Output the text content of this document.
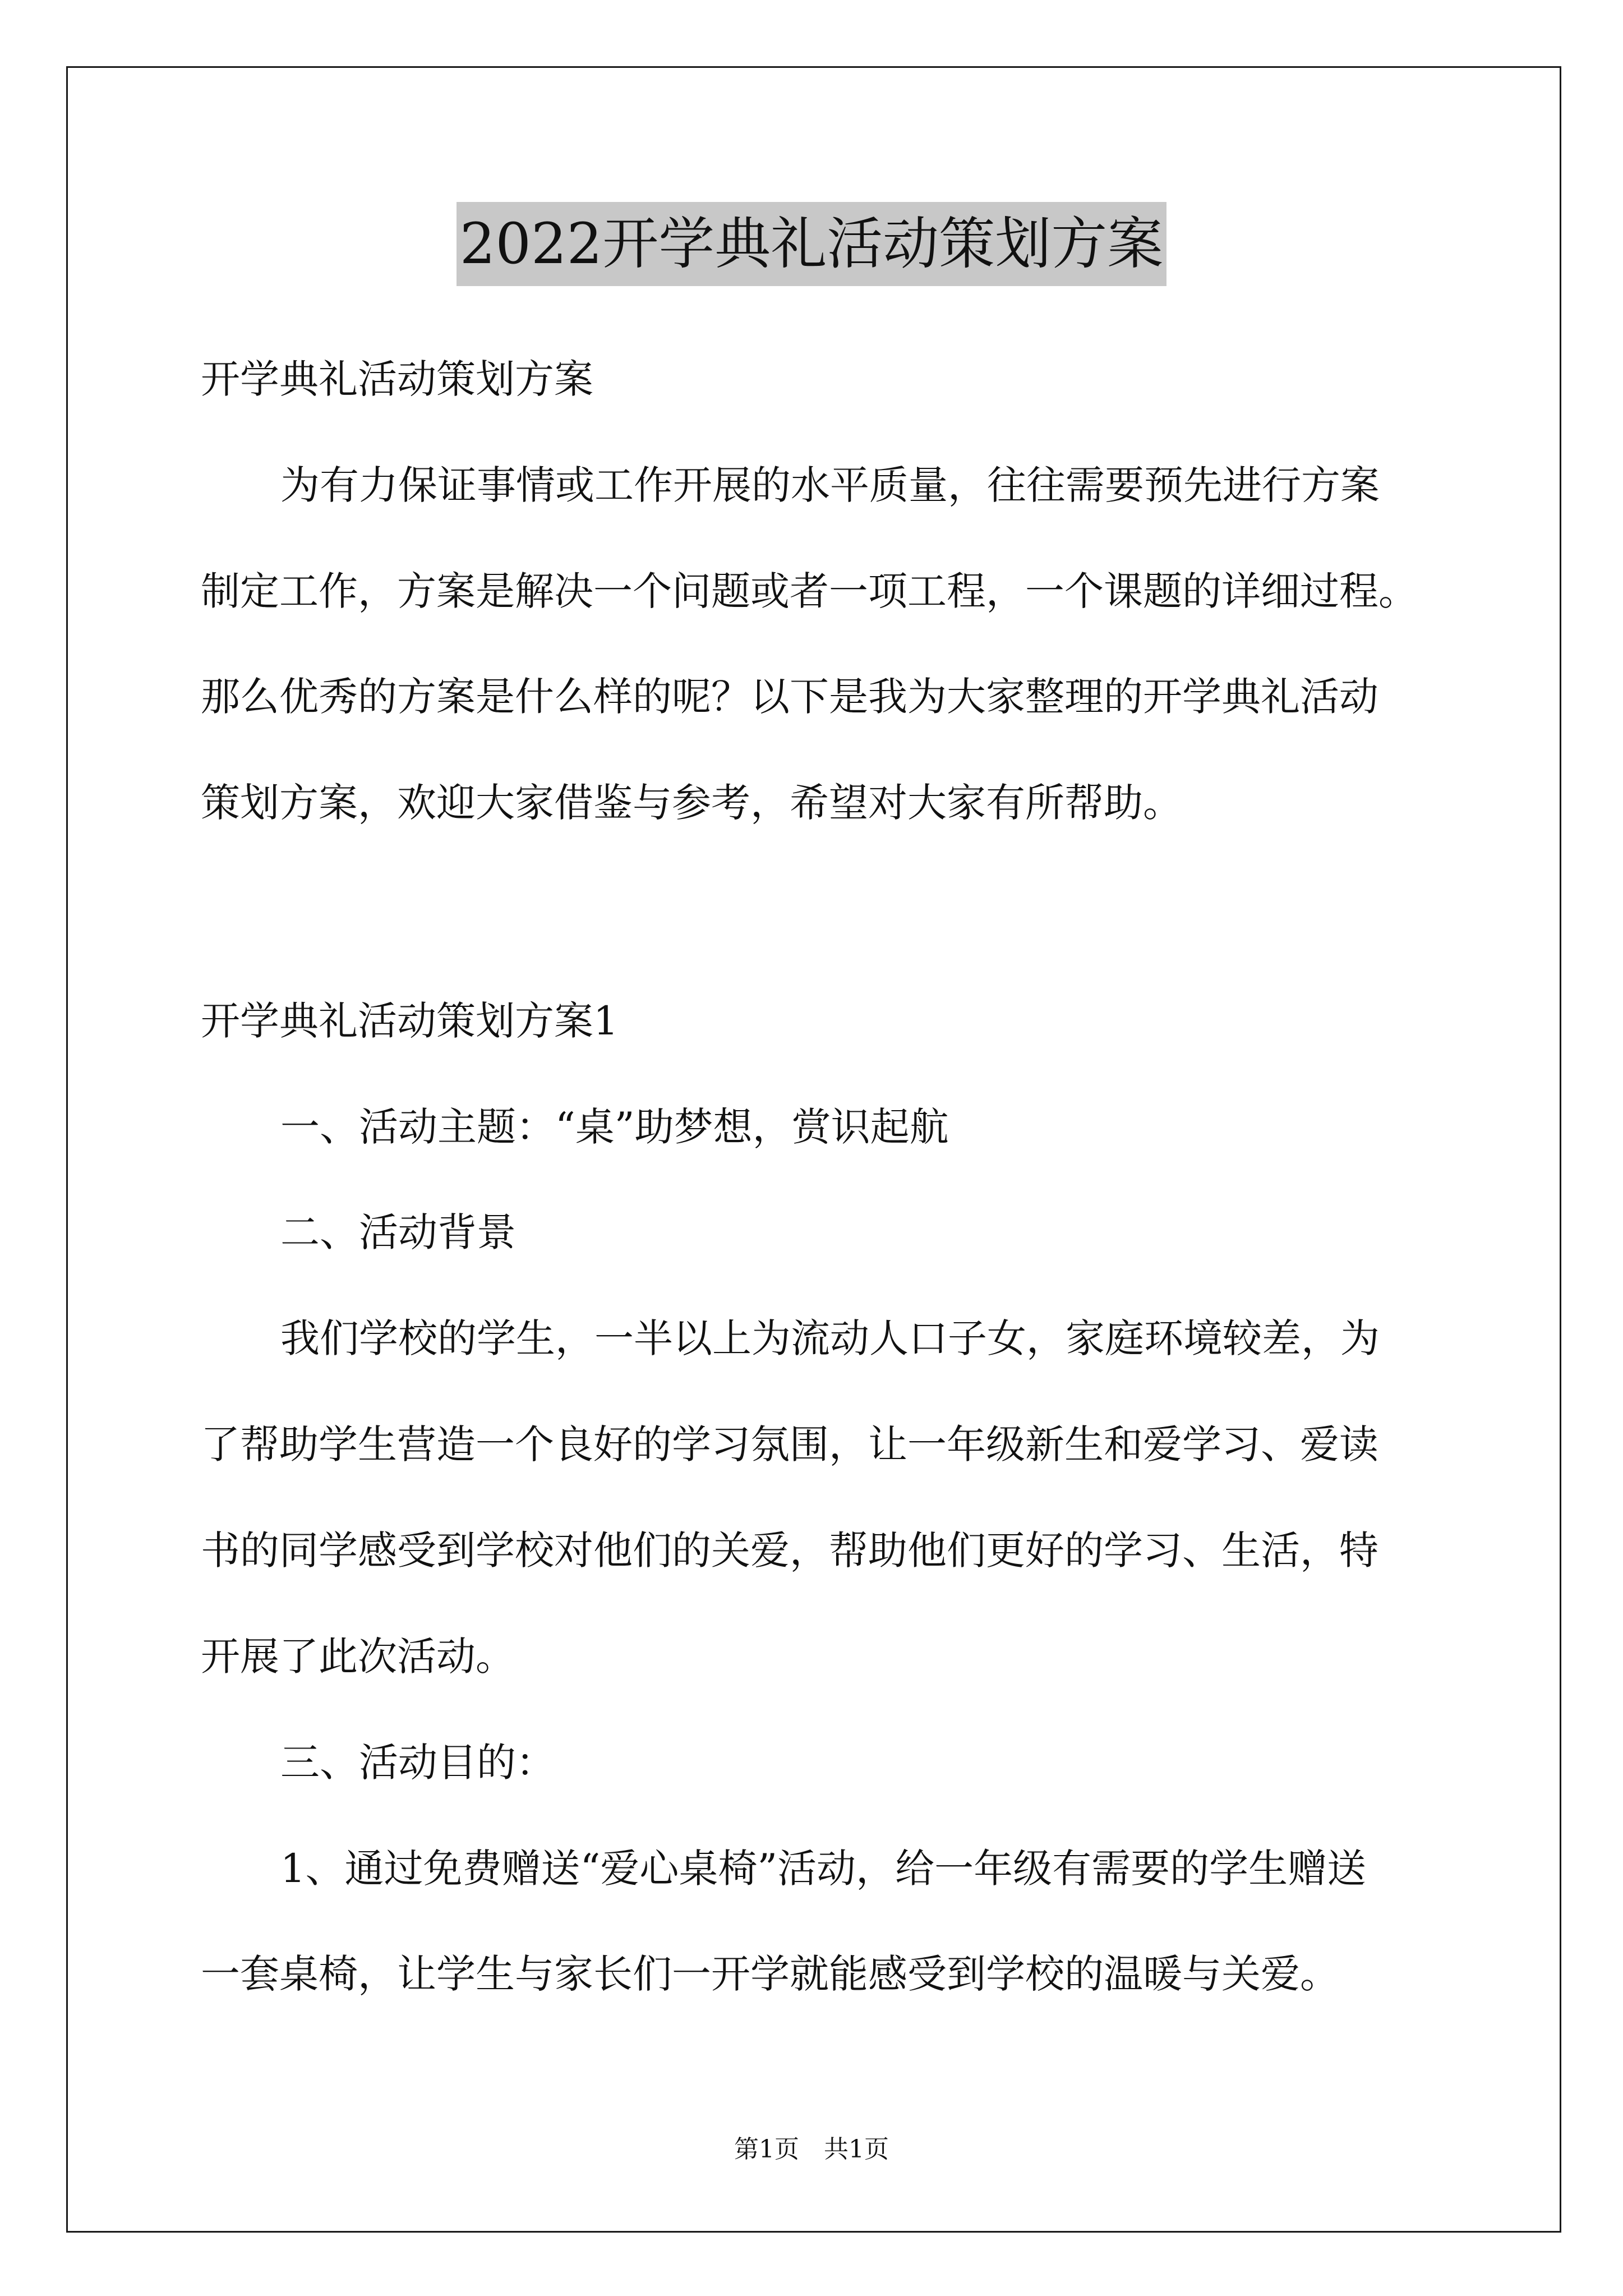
2022开学典礼活动策划方案
开学典礼活动策划方案
为有力保证事情或工作开展的水平质量，往往需要预先进行方案
制定工作，方案是解决一个问题或者一项工程，一个课题的详细过程。
那么优秀的方案是什么样的呢？以下是我为大家整理的开学典礼活动
策划方案，欢迎大家借鉴与参考，希望对大家有所帮助。
开学典礼活动策划方案1
一、活动主题：“桌”助梦想，赏识起航
二、活动背景
我们学校的学生，一半以上为流动人口子女，家庭环境较差，为
了帮助学生营造一个良好的学习氛围，让一年级新生和爱学习、爱读
书的同学感受到学校对他们的关爱，帮助他们更好的学习、生活，特
开展了此次活动。
三、活动目的：
1、通过免费赠送“爱心桌椅”活动，给一年级有需要的学生赠送
一套桌椅，让学生与家长们一开学就能感受到学校的温暖与关爱。
第1页　共1页
